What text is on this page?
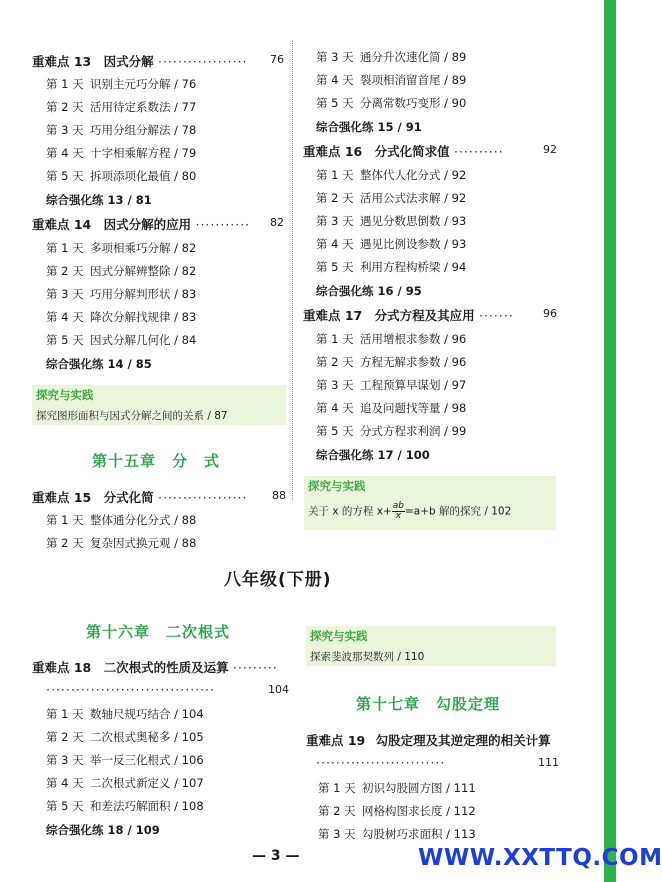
重难点 13 因式分解 ·················· 76
第 1 天 识别主元巧分解 / 76
第 2 天 活用待定系数法 / 77
第 3 天 巧用分组分解法 / 78
第 4 天 十字相乘解方程 / 79
第 5 天 拆项添项化最值 / 80
综合强化练 13 / 81
重难点 14 因式分解的应用 ··········· 82
第 1 天 多项相乘巧分解 / 82
第 2 天 因式分解辨整除 / 82
第 3 天 巧用分解判形状 / 83
第 4 天 降次分解找规律 / 83
第 5 天 因式分解几何化 / 84
综合强化练 14 / 85
探究与实践
探究图形面积与因式分解之间的关系 / 87
第十五章　分　式
重难点 15 分式化简 ·················· 88
第 1 天 整体通分化分式 / 88
第 2 天 复杂因式换元观 / 88
第 3 天 通分升次速化简 / 89
第 4 天 裂项相消留首尾 / 89
第 5 天 分离常数巧变形 / 90
综合强化练 15 / 91
重难点 16 分式化简求值 ··········	92
第 1 天 整体代人化分式 / 92
第 2 天 活用公式法求解 / 92
第 3 天 遇见分数思倒数 / 93
第 4 天 遇见比例设参数 / 93
第 5 天 利用方程构桥梁 / 94
综合强化练 16 / 95
重难点 17 分式方程及其应用 ·······	96
第 1 天 活用增根求参数 / 96
第 2 天 方程无解求参数 / 96
第 3 天 工程预算早谋划 / 97
第 4 天 追及问题找等量 / 98
第 5 天 分式方程求利润 / 99
综合强化练 17 / 100
探究与实践
关于 x 的方程 $x+ \frac{ab}{x} =a+b$ 解的探究 / 102
八年级(下册)
第十六章　二次根式
重难点 18 二次根式的性质及运算 ·········
··································	104
第 1 天 数轴尺规巧结合 / 104
第 2 天 二次根式奥秘多 / 105
第 3 天 举一反三化根式 / 106
第 4 天 二次根式新定义 / 107
第 5 天 和差法巧解面积 / 108
综合强化练 18 / 109
探究与实践
探索斐波那契数列 / 110
第十七章　勾股定理
重难点 19 勾股定理及其逆定理的相关计算
··························	111
第 1 天 初识勾股圆方图 / 111
第 2 天 网格构图求长度 / 112
第 3 天 勾股树巧求面积 / 113
— 3 —	WWW.XXTTQ.COM
